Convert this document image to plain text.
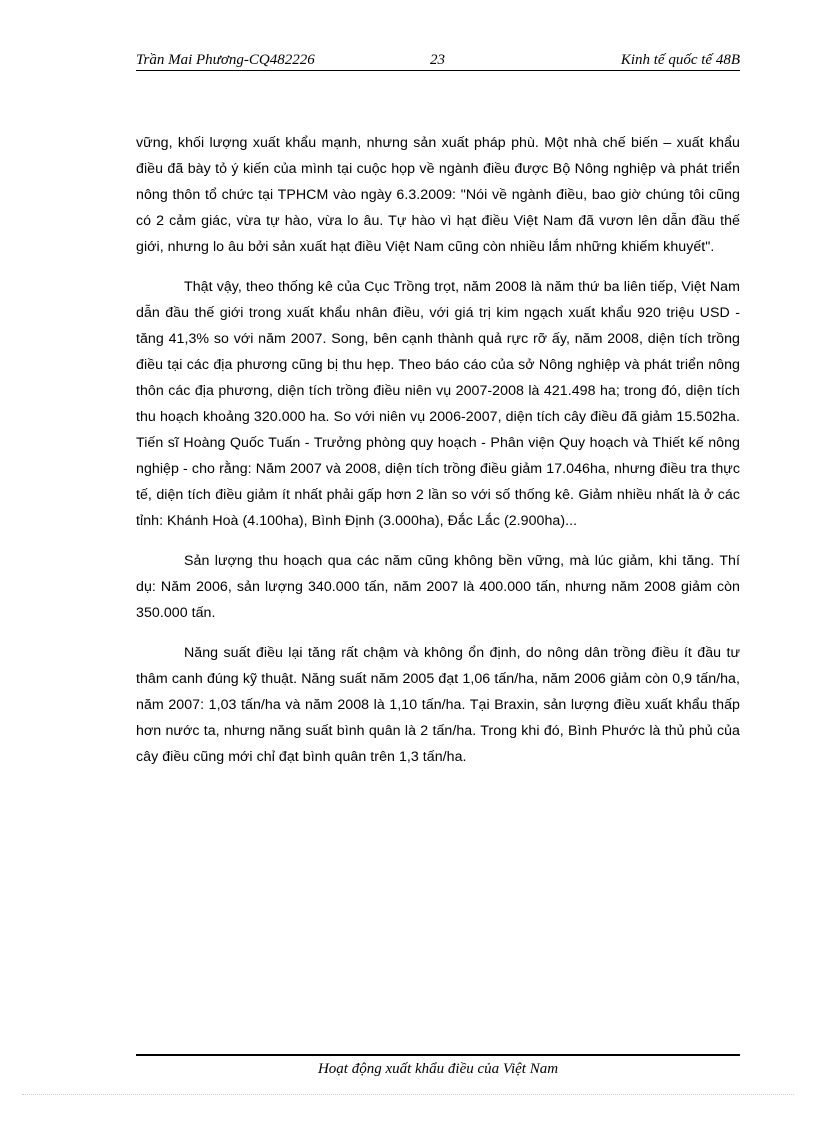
Trần Mai Phương-CQ482226	23	Kinh tế quốc tế 48B

vững, khối lượng xuất khẩu mạnh, nhưng sản xuất pháp phù. Một nhà chế biến – xuất khẩu điều đã bày tỏ ý kiến của mình tại cuộc họp về ngành điều được Bộ Nông nghiệp và phát triển nông thôn tổ chức tại TPHCM vào ngày 6.3.2009: "Nói về ngành điều, bao giờ chúng tôi cũng có 2 cảm giác, vừa tự hào, vừa lo âu. Tự hào vì hạt điều Việt Nam đã vươn lên dẫn đầu thế giới, nhưng lo âu bởi sản xuất hạt điều Việt Nam cũng còn nhiều lắm những khiếm khuyết".

Thật vậy, theo thống kê của Cục Trồng trọt, năm 2008 là năm thứ ba liên tiếp, Việt Nam dẫn đầu thế giới trong xuất khẩu nhân điều, với giá trị kim ngạch xuất khẩu 920 triệu USD - tăng 41,3% so với năm 2007. Song, bên cạnh thành quả rực rỡ ấy, năm 2008, diện tích trồng điều tại các địa phương cũng bị thu hẹp. Theo báo cáo của sở Nông nghiệp và phát triển nông thôn các địa phương, diện tích trồng điều niên vụ 2007-2008 là 421.498 ha; trong đó, diện tích thu hoạch khoảng 320.000 ha. So với niên vụ 2006-2007, diện tích cây điều đã giảm 15.502ha. Tiến sĩ Hoàng Quốc Tuấn - Trưởng phòng quy hoạch - Phân viện Quy hoạch và Thiết kế nông nghiệp - cho rằng: Năm 2007 và 2008, diện tích trồng điều giảm 17.046ha, nhưng điều tra thực tế, diện tích điều giảm ít nhất phải gấp hơn 2 lần so với số thống kê. Giảm nhiều nhất là ở các tỉnh: Khánh Hoà (4.100ha), Bình Định (3.000ha), Đắc Lắc (2.900ha)...

Sản lượng thu hoạch qua các năm cũng không bền vững, mà lúc giảm, khi tăng. Thí dụ: Năm 2006, sản lượng 340.000 tấn, năm 2007 là 400.000 tấn, nhưng năm 2008 giảm còn 350.000 tấn.

Năng suất điều lại tăng rất chậm và không ổn định, do nông dân trồng điều ít đầu tư thâm canh đúng kỹ thuật. Năng suất năm 2005 đạt 1,06 tấn/ha, năm 2006 giảm còn 0,9 tấn/ha, năm 2007: 1,03 tấn/ha và năm 2008 là 1,10 tấn/ha. Tại Braxin, sản lượng điều xuất khẩu thấp hơn nước ta, nhưng năng suất bình quân là 2 tấn/ha. Trong khi đó, Bình Phước là thủ phủ của cây điều cũng mới chỉ đạt bình quân trên 1,3 tấn/ha.

Hoạt động xuất khẩu điều của Việt Nam
